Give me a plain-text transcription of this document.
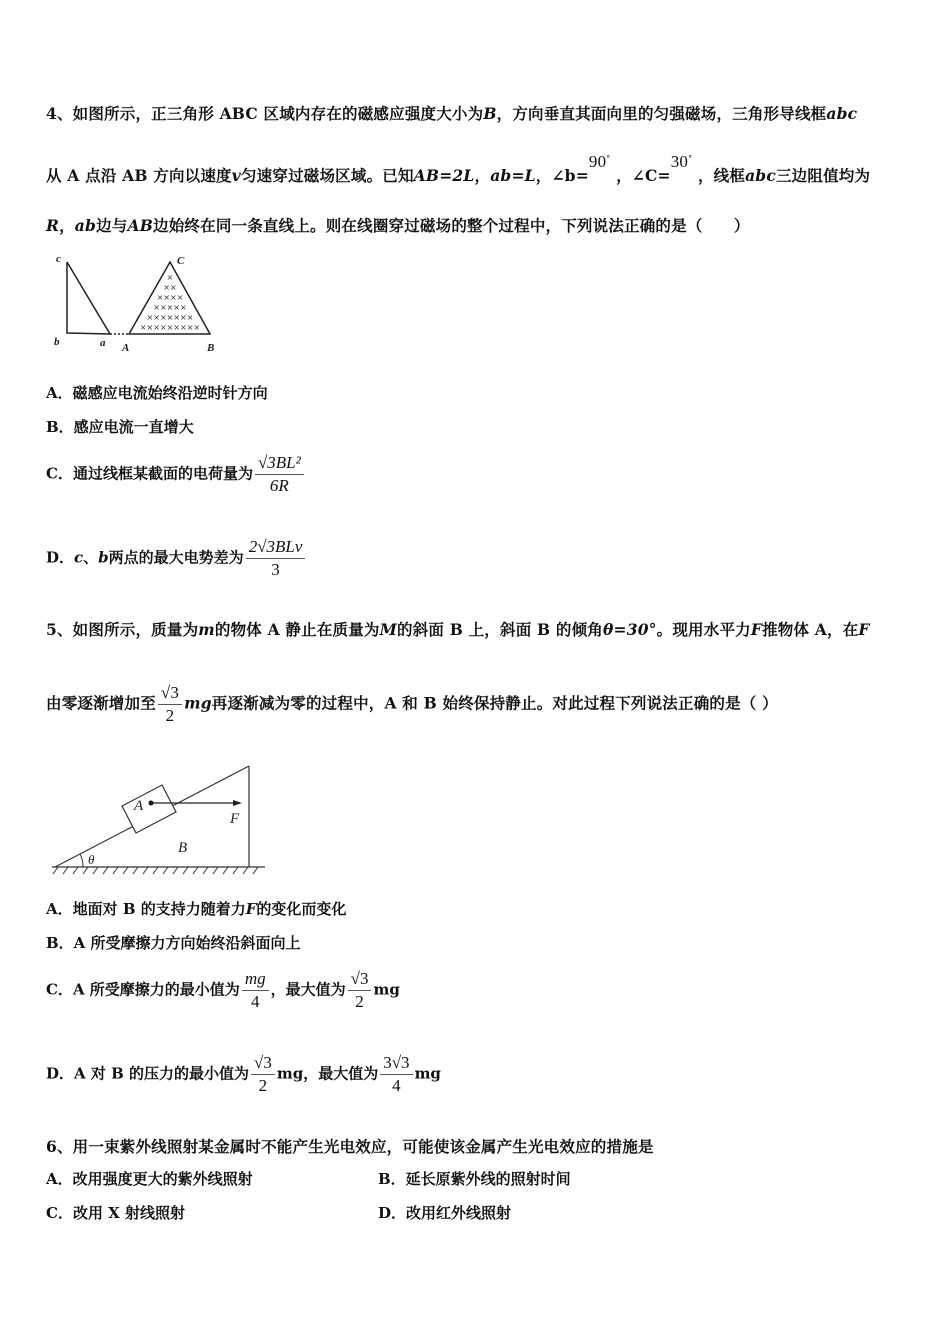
4、如图所示，正三角形 ABC 区域内存在的磁感应强度大小为B，方向垂直其面向里的匀强磁场，三角形导线框abc
从 A 点沿 AB 方向以速度v匀速穿过磁场区域。已知AB=2L，ab=L，∠b=90° ，∠C=30° ，线框abc三边阻值均为
R，ab边与AB边始终在同一条直线上。则在线圈穿过磁场的整个过程中，下列说法正确的是（　　）
×
××
××××
×××××
×××××××
×××××××××
c
b	a A	B
C
A．磁感应电流始终沿逆时针方向
B．感应电流一直增大
C．通过线框某截面的电荷量为 $\frac{\text{√3BL²}}{6R}$
D．c、b两点的最大电势差为 $\frac{\text{2√3BLv}}{3}$
5、如图所示，质量为m的物体 A 静止在质量为M的斜面 B 上，斜面 B 的倾角θ=30°。现用水平力F推物体 A，在F
由零逐渐增加至 $\frac{√3}{2}$ mg再逐渐减为零的过程中，A 和 B 始终保持静止。对此过程下列说法正确的是（ ）
A
F
B
θ
A．地面对 B 的支持力随着力F的变化而变化
B．A 所受摩擦力方向始终沿斜面向上
C．A 所受摩擦力的最小值为 $\frac{mg}{4}$ ，最大值为 $\frac{√3}{2}$ mg
D．A 对 B 的压力的最小值为 $\frac{√3}{2}$ mg，最大值为 $\frac{3√3}{4}$ mg
6、用一束紫外线照射某金属时不能产生光电效应，可能使该金属产生光电效应的措施是
A．改用强度更大的紫外线照射	B．延长原紫外线的照射时间
C．改用 X 射线照射	D．改用红外线照射
